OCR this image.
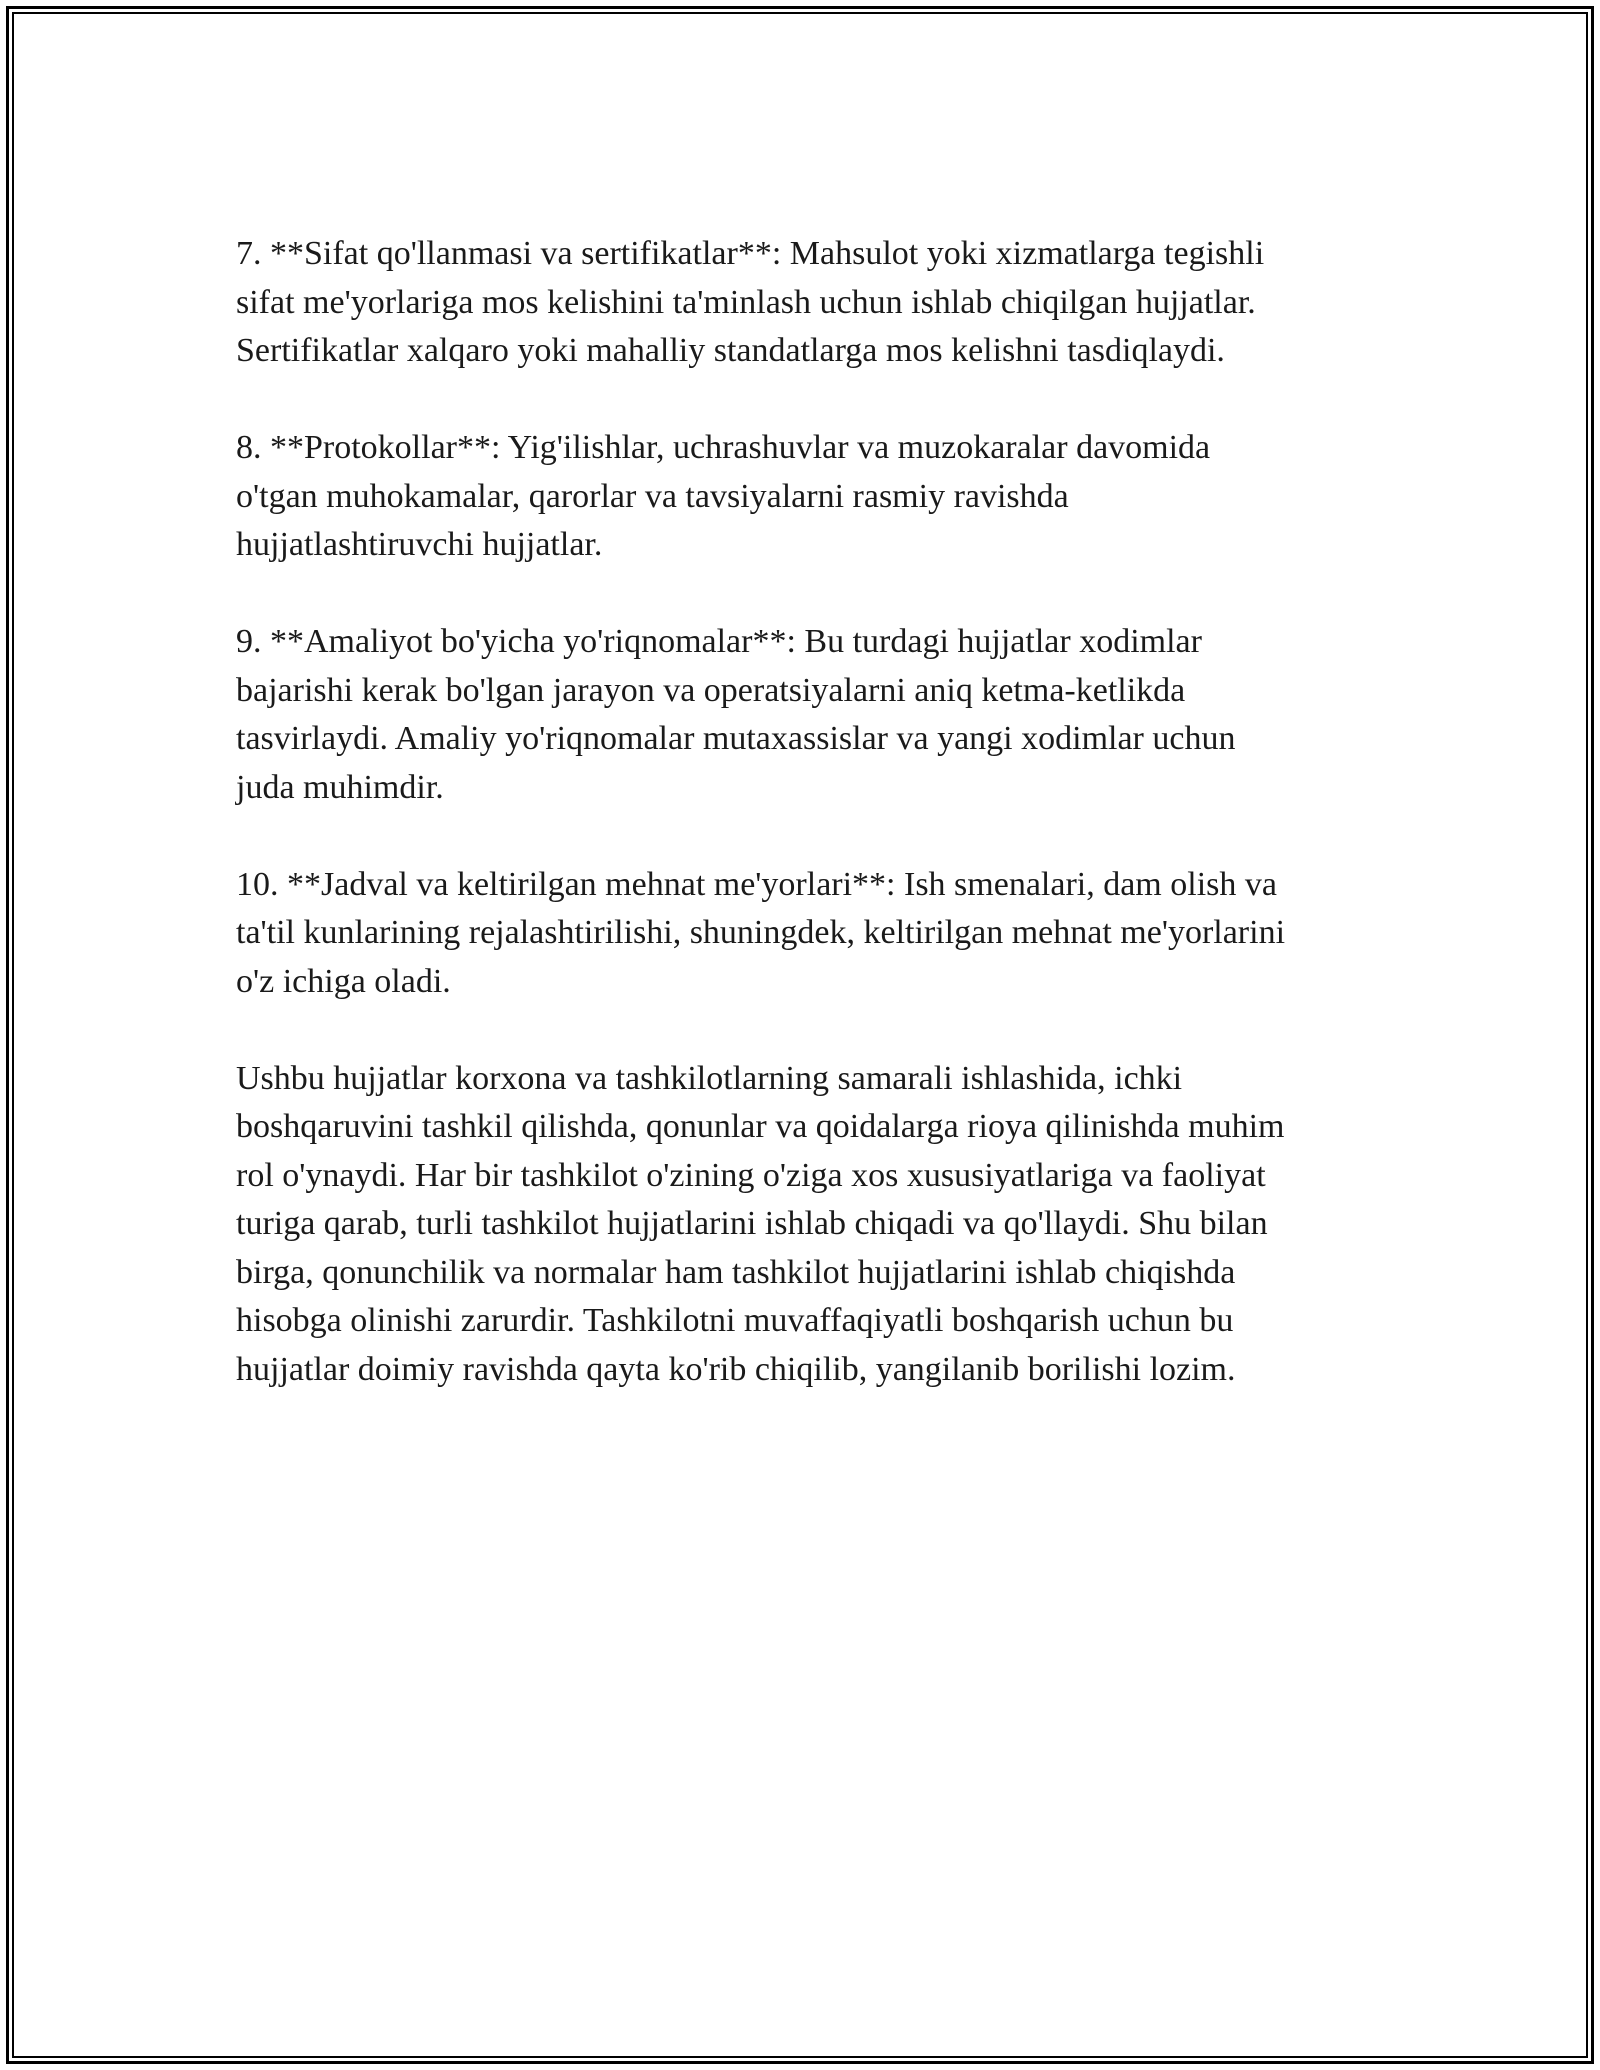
7. **Sifat qo'llanmasi va sertifikatlar**: Mahsulot yoki xizmatlarga tegishli
sifat me'yorlariga mos kelishini ta'minlash uchun ishlab chiqilgan hujjatlar.
Sertifikatlar xalqaro yoki mahalliy standatlarga mos kelishni tasdiqlaydi.

8. **Protokollar**: Yig'ilishlar, uchrashuvlar va muzokaralar davomida
o'tgan muhokamalar, qarorlar va tavsiyalarni rasmiy ravishda
hujjatlashtiruvchi hujjatlar.

9. **Amaliyot bo'yicha yo'riqnomalar**: Bu turdagi hujjatlar xodimlar
bajarishi kerak bo'lgan jarayon va operatsiyalarni aniq ketma-ketlikda
tasvirlaydi. Amaliy yo'riqnomalar mutaxassislar va yangi xodimlar uchun
juda muhimdir.

10. **Jadval va keltirilgan mehnat me'yorlari**: Ish smenalari, dam olish va
ta'til kunlarining rejalashtirilishi, shuningdek, keltirilgan mehnat me'yorlarini
o'z ichiga oladi.

Ushbu hujjatlar korxona va tashkilotlarning samarali ishlashida, ichki
boshqaruvini tashkil qilishda, qonunlar va qoidalarga rioya qilinishda muhim
rol o'ynaydi. Har bir tashkilot o'zining o'ziga xos xususiyatlariga va faoliyat
turiga qarab, turli tashkilot hujjatlarini ishlab chiqadi va qo'llaydi. Shu bilan
birga, qonunchilik va normalar ham tashkilot hujjatlarini ishlab chiqishda
hisobga olinishi zarurdir. Tashkilotni muvaffaqiyatli boshqarish uchun bu
hujjatlar doimiy ravishda qayta ko'rib chiqilib, yangilanib borilishi lozim.
